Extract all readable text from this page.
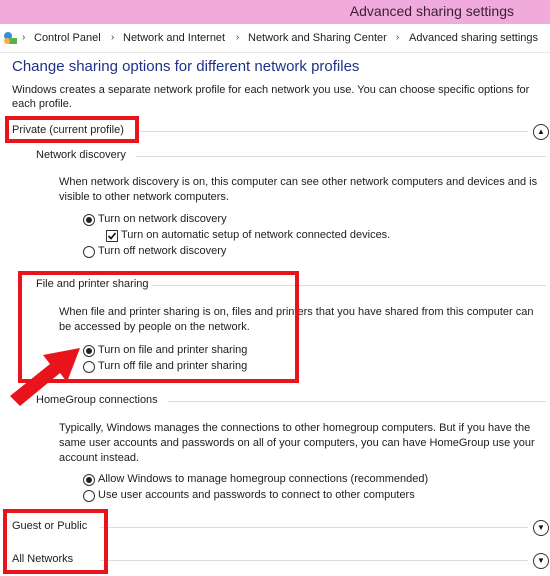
Advanced sharing settings
› Control Panel › Network and Internet › Network and Sharing Center › Advanced sharing settings
Change sharing options for different network profiles
Windows creates a separate network profile for each network you use. You can choose specific options for each profile.
Private (current profile)	▲
Network discovery
When network discovery is on, this computer can see other network computers and devices and is visible to other network computers.
Turn on network discovery
Turn on automatic setup of network connected devices.
Turn off network discovery
File and printer sharing
When file and printer sharing is on, files and printers that you have shared from this computer can be accessed by people on the network.
Turn on file and printer sharing
Turn off file and printer sharing
HomeGroup connections
Typically, Windows manages the connections to other homegroup computers. But if you have the same user accounts and passwords on all of your computers, you can have HomeGroup use your account instead.
Allow Windows to manage homegroup connections (recommended)
Use user accounts and passwords to connect to other computers
Guest or Public	▼
All Networks	▼
